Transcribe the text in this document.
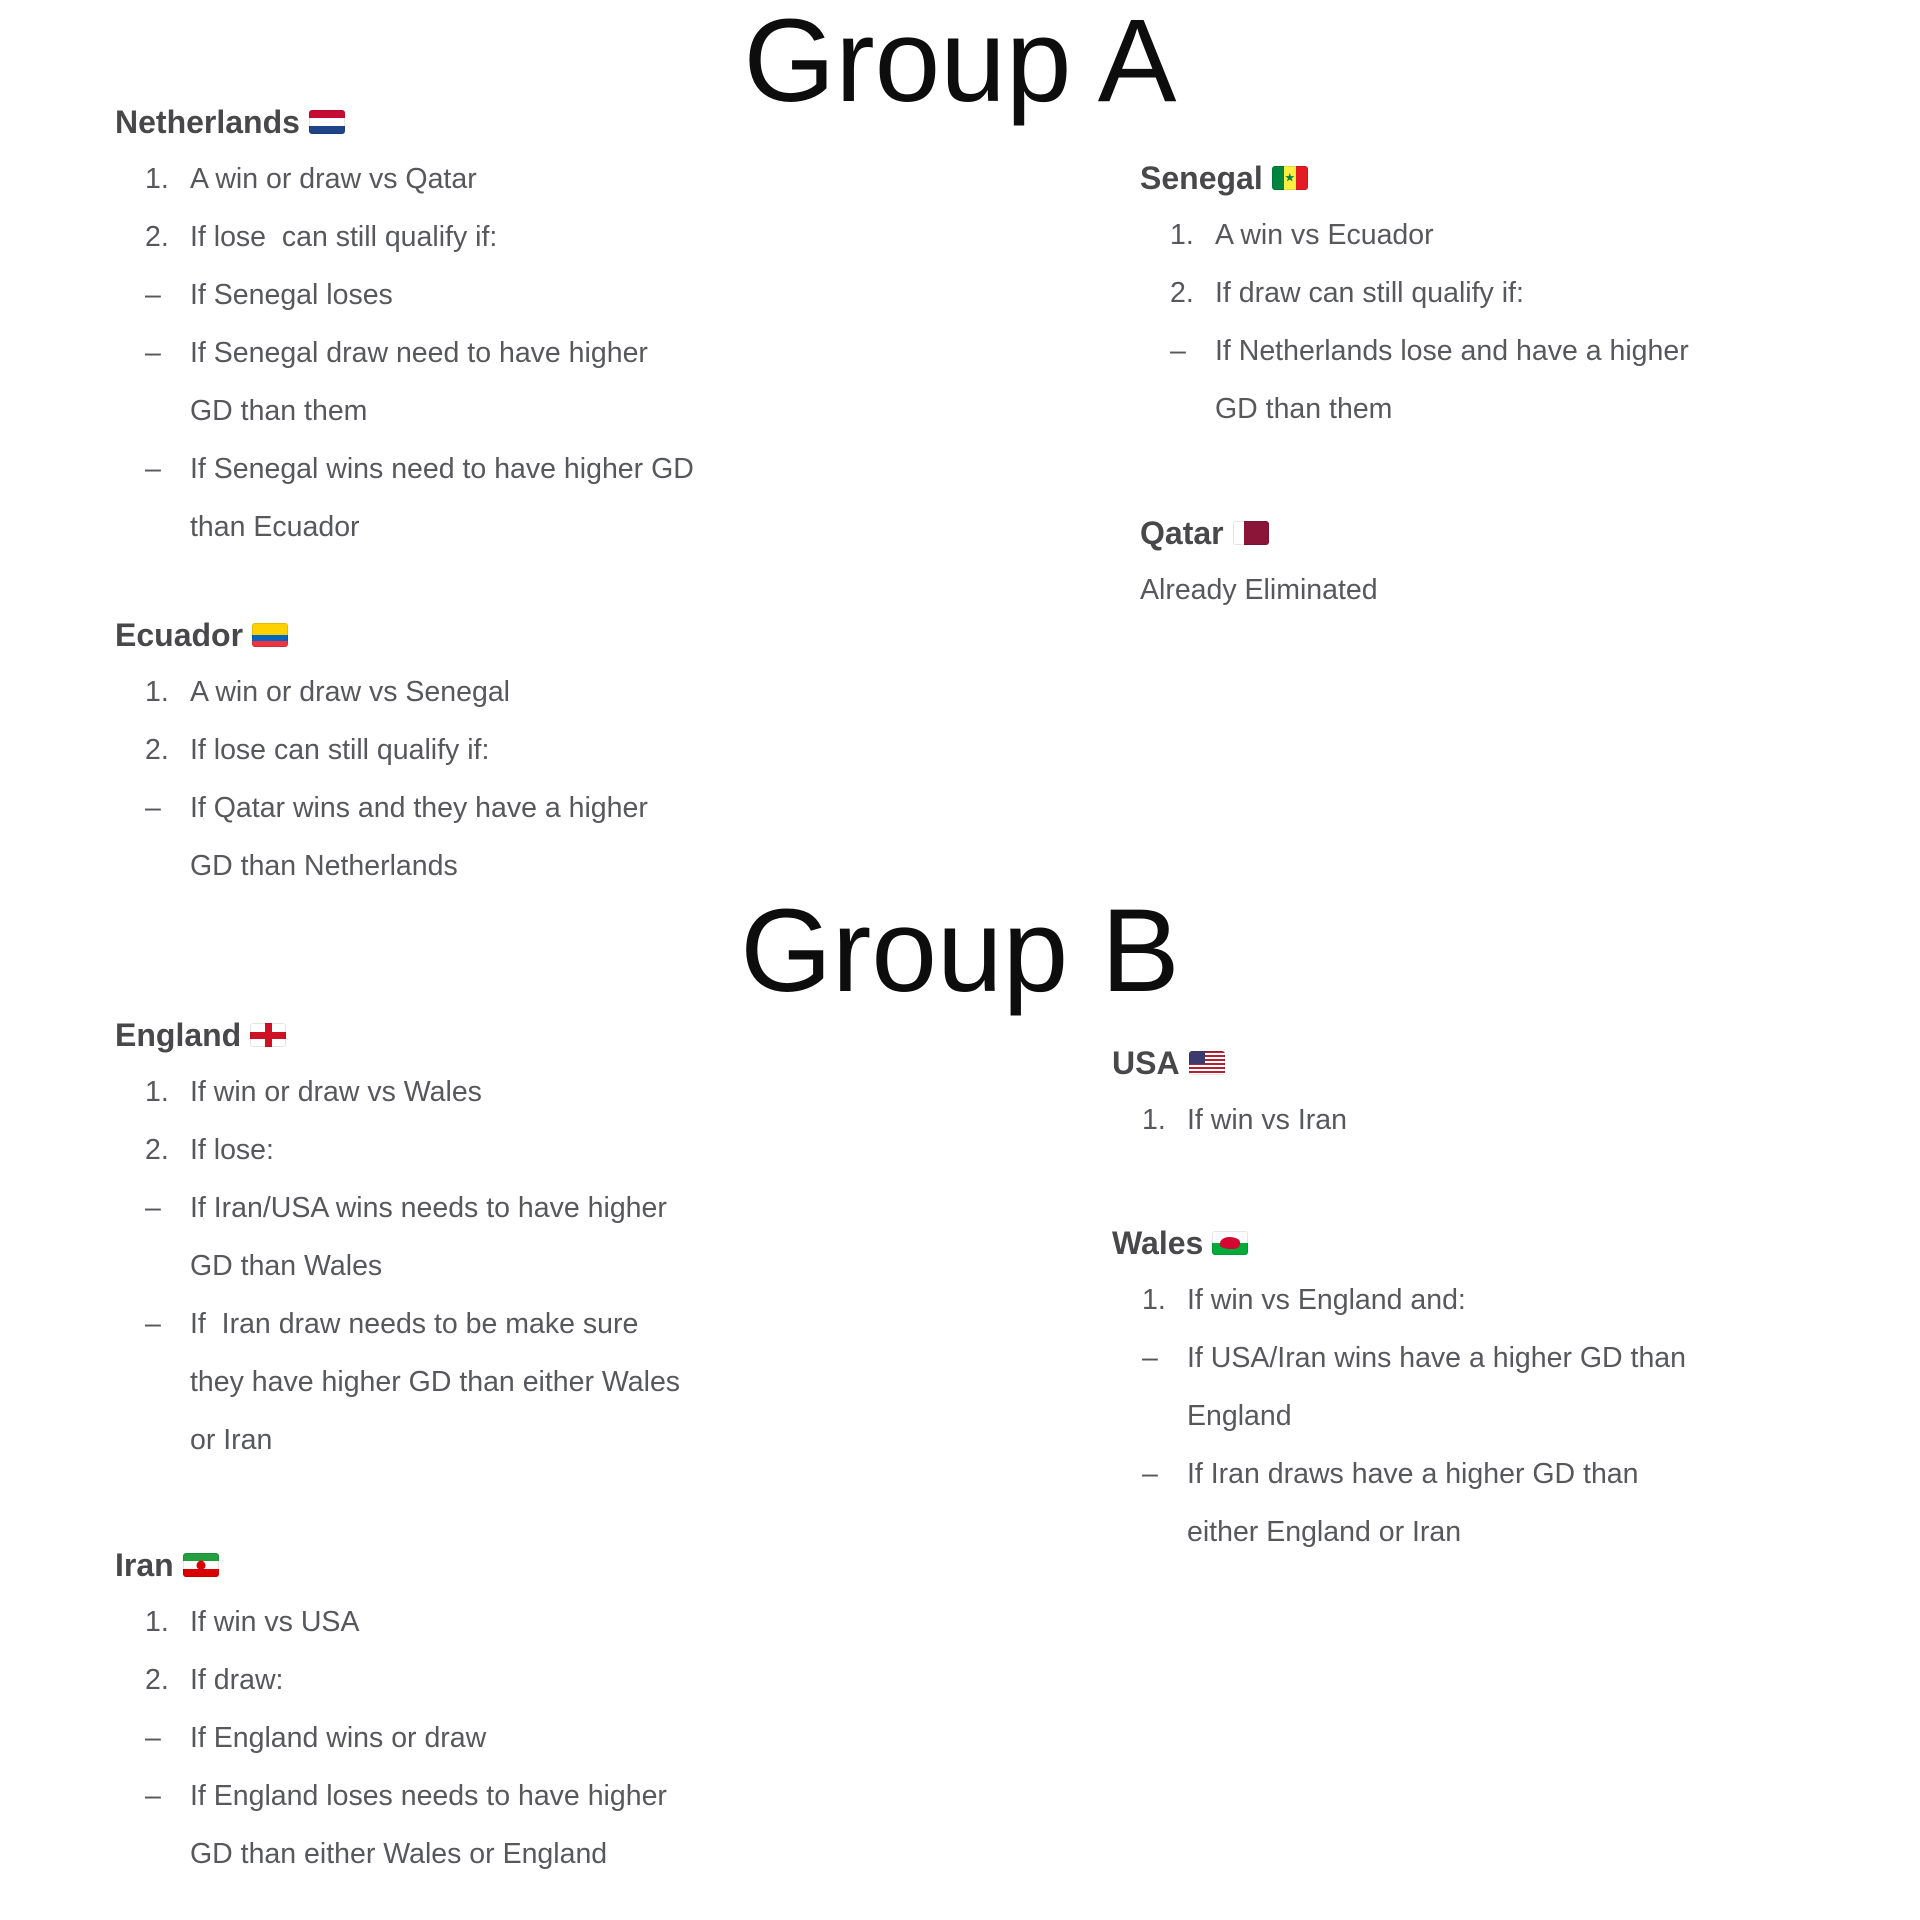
Group A
Group B
Netherlands
1. A win or draw vs Qatar
2. If lose  can still qualify if:
–	If Senegal loses
–	If Senegal draw need to have higher
GD than them
–	If Senegal wins need to have higher GD
than Ecuador
Ecuador
1. A win or draw vs Senegal
2. If lose can still qualify if:
–	If Qatar wins and they have a higher
GD than Netherlands
Senegal
★
1. A win vs Ecuador
2. If draw can still qualify if:
–	If Netherlands lose and have a higher
GD than them
Qatar
Already Eliminated
England
1. If win or draw vs Wales
2. If lose:
–	If Iran/USA wins needs to have higher
GD than Wales
–	If  Iran draw needs to be make sure
they have higher GD than either Wales
or Iran
Iran
1. If win vs USA
2. If draw:
–	If England wins or draw
–	If England loses needs to have higher
GD than either Wales or England
USA
1. If win vs Iran
Wales
1. If win vs England and:
–	If USA/Iran wins have a higher GD than
England
–	If Iran draws have a higher GD than
either England or Iran
